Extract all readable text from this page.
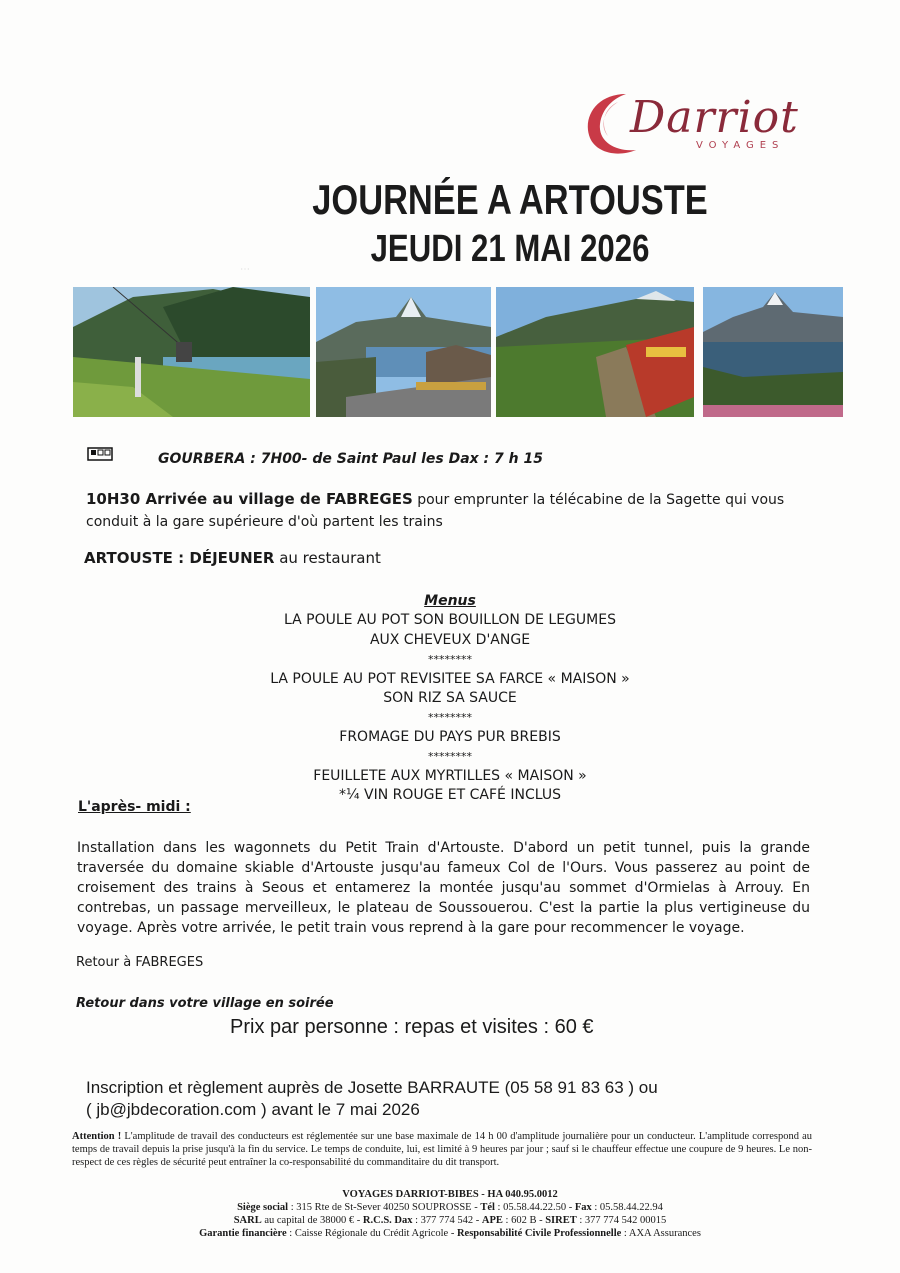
Darriot
VOYAGES
JOURNÉE A ARTOUSTE
JEUDI 21 MAI 2026
⋯
GOURBERA : 7H00- de Saint Paul les Dax : 7 h 15
10H30 Arrivée au village de FABREGES pour emprunter la télécabine de la Sagette qui vous conduit à la gare supérieure d'où partent les trains
ARTOUSTE : DÉJEUNER au restaurant
Menus
LA POULE AU POT SON BOUILLON DE LEGUMES
AUX CHEVEUX D'ANGE
********
LA POULE AU POT REVISITEE SA FARCE « MAISON »
SON RIZ SA SAUCE
********
FROMAGE DU PAYS PUR BREBIS
********
FEUILLETE AUX MYRTILLES « MAISON »
*¼ VIN ROUGE ET CAFÉ INCLUS
L'après- midi :
Installation dans les wagonnets du Petit Train d'Artouste. D'abord un petit tunnel, puis la grande traversée du domaine skiable d'Artouste jusqu'au fameux Col de l'Ours. Vous passerez au point de croisement des trains à Seous et entamerez la montée jusqu'au sommet d'Ormielas à Arrouy. En contrebas, un passage merveilleux, le plateau de Soussouerou. C'est la partie la plus vertigineuse du voyage. Après votre arrivée, le petit train vous reprend à la gare pour recommencer le voyage.
Retour à FABREGES
Retour dans votre village en soirée
Prix par personne : repas et visites : 60 €
Inscription et règlement auprès de Josette BARRAUTE (05 58 91 83 63 ) ou
( jb@jbdecoration.com ) avant le 7 mai 2026
Attention ! L'amplitude de travail des conducteurs est réglementée sur une base maximale de 14 h 00 d'amplitude journalière pour un conducteur. L'amplitude correspond au temps de travail depuis la prise jusqu'à la fin du service. Le temps de conduite, lui, est limité à 9 heures par jour ; sauf si le chauffeur effectue une coupure de 9 heures. Le non-respect de ces règles de sécurité peut entraîner la co-responsabilité du commanditaire du dit transport.
VOYAGES DARRIOT-BIBES - HA 040.95.0012
Siège social : 315 Rte de St-Sever 40250 SOUPROSSE - Tél : 05.58.44.22.50 - Fax : 05.58.44.22.94
SARL au capital de 38000 € - R.C.S. Dax : 377 774 542 - APE : 602 B - SIRET : 377 774 542 00015
Garantie financière : Caisse Régionale du Crédit Agricole - Responsabilité Civile Professionnelle : AXA Assurances
